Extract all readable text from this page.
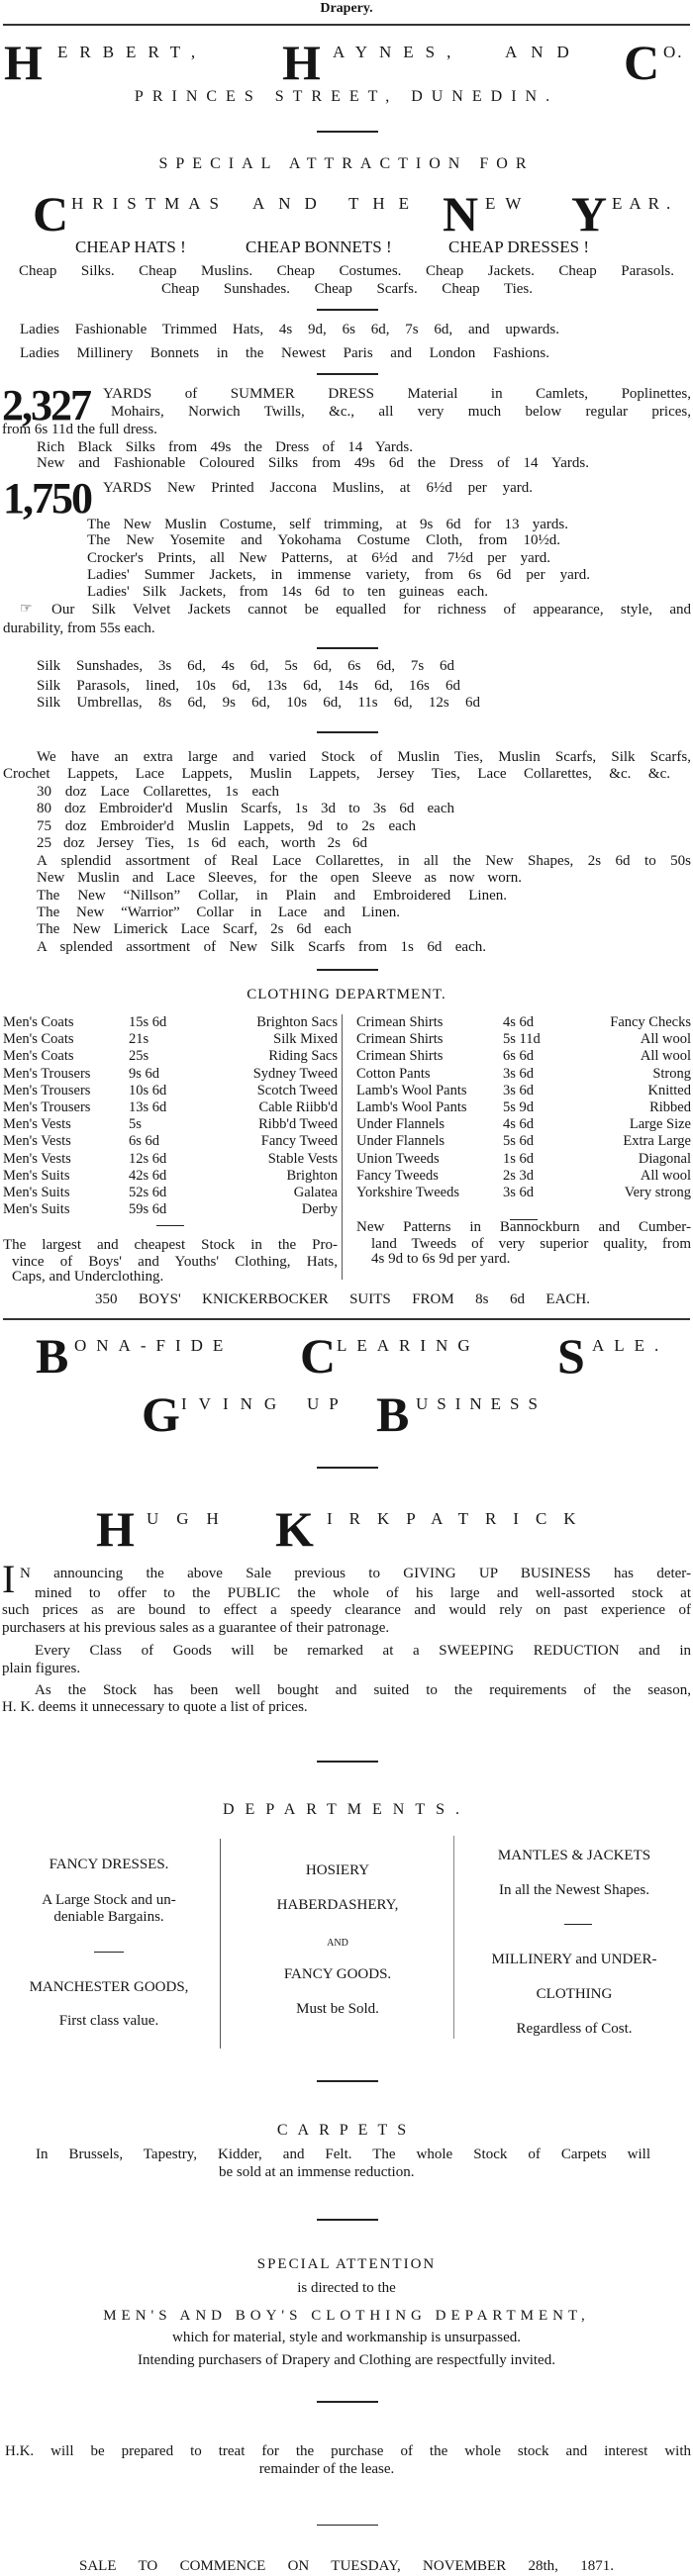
Drapery.
H ERBERT, H AYNES,	AND C O.
PRINCES STREET, DUNEDIN.
SPECIAL ATTRACTION FOR
C HRISTMAS AND THE N EW Y EAR.
CHEAP HATS !	CHEAP BONNETS !	CHEAP DRESSES !
Cheap Silks. Cheap Muslins. Cheap Costumes. Cheap Jackets. Cheap Parasols.
Cheap Sunshades. Cheap Scarfs. Cheap Ties.
Ladies Fashionable Trimmed Hats, 4s 9d, 6s 6d, 7s 6d, and upwards.
Ladies Millinery Bonnets in the Newest Paris and London Fashions.
2,327 YARDS of SUMMER DRESS Material in Camlets, Poplinettes,
Mohairs, Norwich Twills, &c., all very much below regular prices,
from 6s 11d the full dress.
Rich Black Silks from 49s the Dress of 14 Yards.
New and Fashionable Coloured Silks from 49s 6d the Dress of 14 Yards.
1,750 YARDS New Printed Jaccona Muslins, at 6½d per yard.
The New Muslin Costume, self trimming, at 9s 6d for 13 yards.
The New Yosemite and Yokohama Costume Cloth, from 10½d.
Crocker's Prints, all New Patterns, at 6½d and 7½d per yard.
Ladies' Summer Jackets, in immense variety, from 6s 6d per yard.
Ladies' Silk Jackets, from 14s 6d to ten guineas each.
☞ Our Silk Velvet Jackets cannot be equalled for richness of appearance, style, and
durability, from 55s each.
Silk Sunshades, 3s 6d, 4s 6d, 5s 6d, 6s 6d, 7s 6d
Silk Parasols, lined, 10s 6d, 13s 6d, 14s 6d, 16s 6d
Silk Umbrellas, 8s 6d, 9s 6d, 10s 6d, 11s 6d, 12s 6d
We have an extra large and varied Stock of Muslin Ties, Muslin Scarfs, Silk Scarfs,
Crochet Lappets, Lace Lappets, Muslin Lappets, Jersey Ties, Lace Collarettes, &c. &c.
30 doz Lace Collarettes, 1s each
80 doz Embroider'd Muslin Scarfs, 1s 3d to 3s 6d each
75 doz Embroider'd Muslin Lappets, 9d to 2s each
25 doz Jersey Ties, 1s 6d each, worth 2s 6d
A splendid assortment of Real Lace Collarettes, in all the New Shapes, 2s 6d to 50s
New Muslin and Lace Sleeves, for the open Sleeve as now worn.
The New “Nillson” Collar, in Plain and Embroidered Linen.
The New “Warrior” Collar in Lace and Linen.
The New Limerick Lace Scarf, 2s 6d each
A splended assortment of New Silk Scarfs from 1s 6d each.
CLOTHING DEPARTMENT.
Men's Coats	15s 6d	Brighton Sacs
Men's Coats	21s	Silk Mixed
Men's Coats	25s	Riding Sacs
Men's Trousers	9s 6d	Sydney Tweed
Men's Trousers	10s 6d	Scotch Tweed
Men's Trousers	13s 6d	Cable Riibb'd
Men's Vests	5s	Ribb'd Tweed
Men's Vests	6s 6d	Fancy Tweed
Men's Vests	12s 6d	Stable Vests
Men's Suits	42s 6d	Brighton
Men's Suits	52s 6d	Galatea
Men's Suits	59s 6d	Derby
Crimean Shirts	4s 6d	Fancy Checks
Crimean Shirts	5s 11d	All wool
Crimean Shirts	6s 6d	All wool
Cotton Pants	3s 6d	Strong
Lamb's Wool Pants	3s 6d	Knitted
Lamb's Wool Pants	5s 9d	Ribbed
Under Flannels	4s 6d	Large Size
Under Flannels	5s 6d	Extra Large
Union Tweeds	1s 6d	Diagonal
Fancy Tweeds	2s 3d	All wool
Yorkshire Tweeds	3s 6d	Very strong
The largest and cheapest Stock in the Pro-
vince of Boys' and Youths' Clothing, Hats,
Caps, and Underclothing.
New Patterns in Bannockburn and Cumber-
land Tweeds of very superior quality, from
4s 9d to 6s 9d per yard.
350 BOYS' KNICKERBOCKER SUITS FROM 8s 6d EACH.
B ONA-FIDE C LEARING S ALE.
G IVING UP B USINESS
H UGH K IRKPATRICK
I N announcing the above Sale previous to GIVING UP BUSINESS has deter-
mined to offer to the PUBLIC the whole of his large and well-assorted stock at
such prices as are bound to effect a speedy clearance and would rely on past experience of
purchasers at his previous sales as a guarantee of their patronage.
Every Class of Goods will be remarked at a SWEEPING REDUCTION and in
plain figures.
As the Stock has been well bought and suited to the requirements of the season,
H. K. deems it unnecessary to quote a list of prices.
DEPARTMENTS.
FANCY DRESSES.
A Large Stock and un-
deniable Bargains.
MANCHESTER GOODS,
First class value.
HOSIERY
HABERDASHERY,
AND
FANCY GOODS.
Must be Sold.
MANTLES & JACKETS
In all the Newest Shapes.
MILLINERY and UNDER-
CLOTHING
Regardless of Cost.
CARPETS
In Brussels, Tapestry, Kidder, and Felt. The whole Stock of Carpets will
be sold at an immense reduction.
SPECIAL ATTENTION
is directed to the
MEN'S AND BOY'S CLOTHING DEPARTMENT,
which for material, style and workmanship is unsurpassed.
Intending purchasers of Drapery and Clothing are respectfully invited.
H.K. will be prepared to treat for the purchase of the whole stock and interest with
remainder of the lease.
SALE TO COMMENCE ON TUESDAY, NOVEMBER 28th, 1871.
